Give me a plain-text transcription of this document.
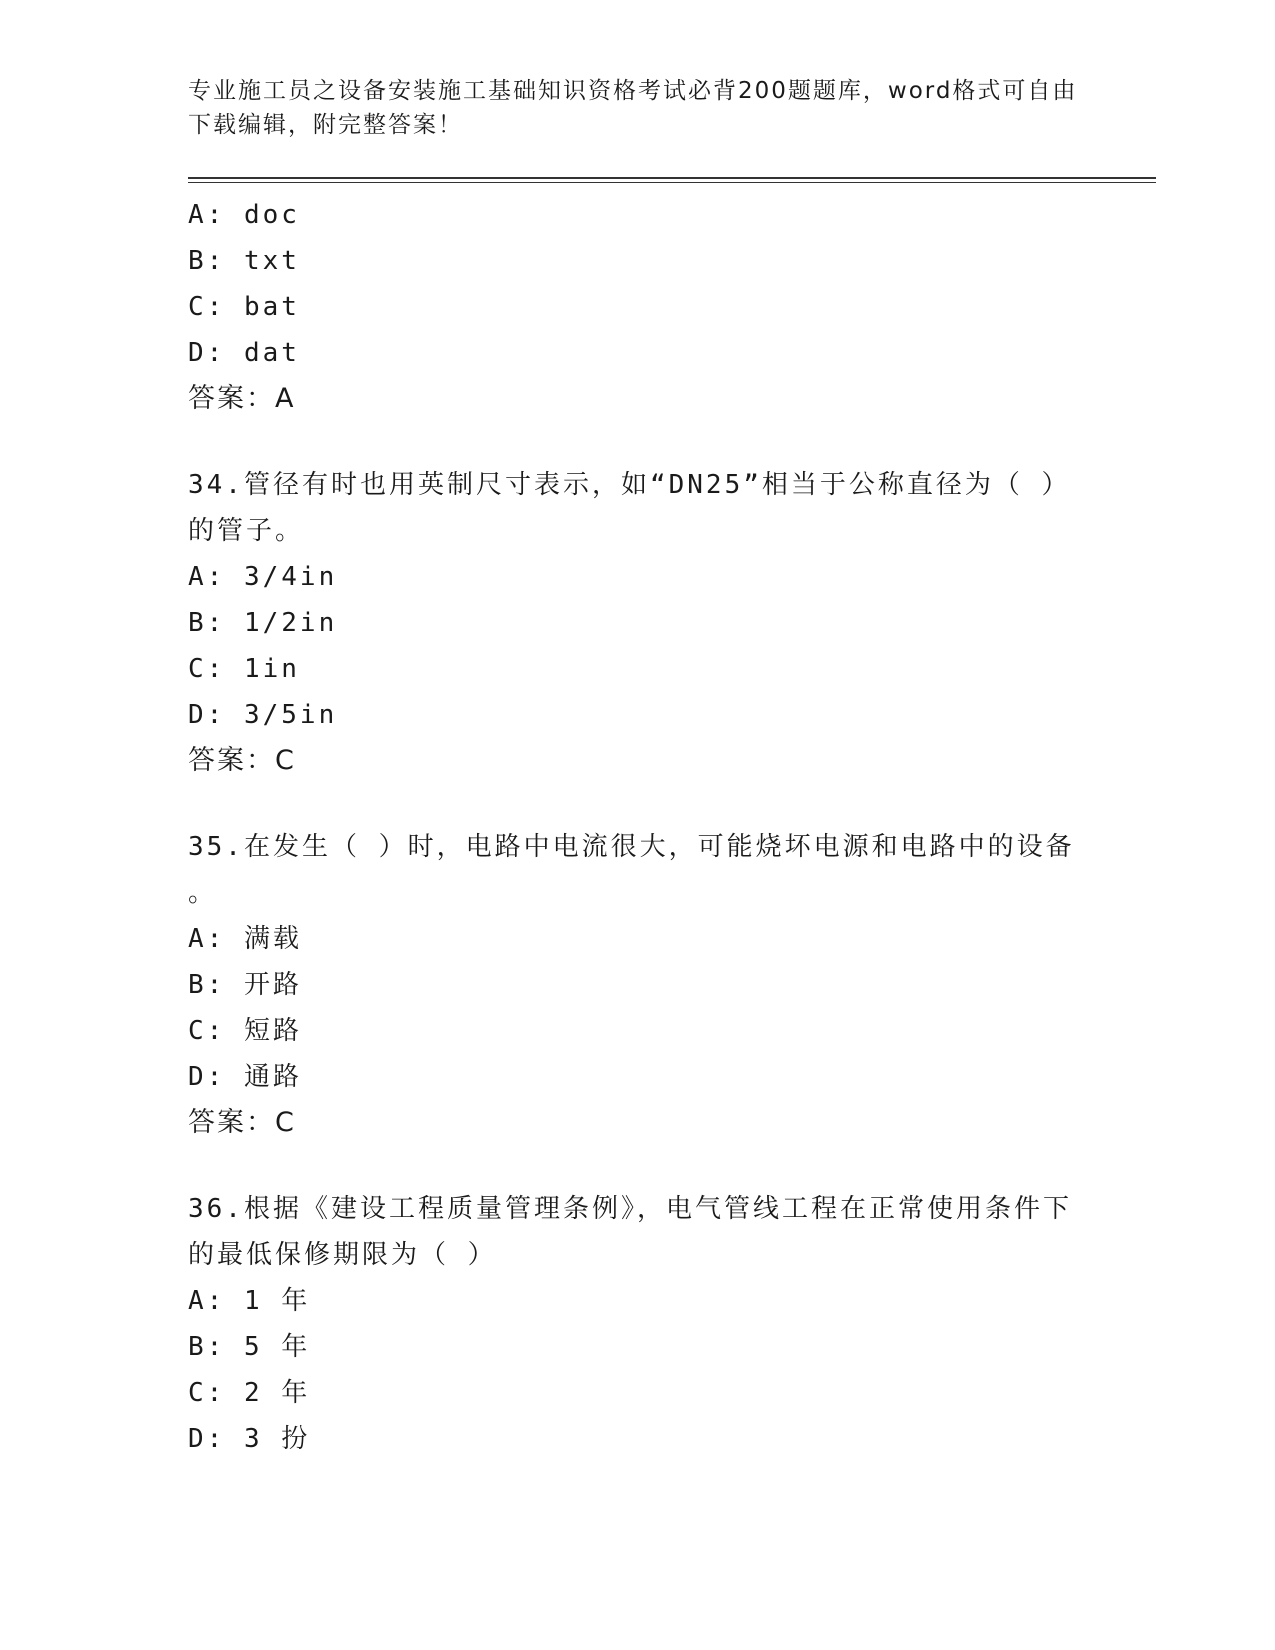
专业施工员之设备安装施工基础知识资格考试必背200题题库，word格式可自由
下载编辑，附完整答案！
A: doc
B: txt
C: bat
D: dat
答案：A
34.管径有时也用英制尺寸表示，如“DN25”相当于公称直径为（ ）
的管子。
A: 3/4in
B: 1/2in
C: 1in
D: 3/5in
答案：C
35.在发生（ ）时，电路中电流很大，可能烧坏电源和电路中的设备
。
A: 满载
B: 开路
C: 短路
D: 通路
答案：C
36.根据《建设工程质量管理条例》，电气管线工程在正常使用条件下
的最低保修期限为（ ）
A: 1 年
B: 5 年
C: 2 年
D: 3 扮
